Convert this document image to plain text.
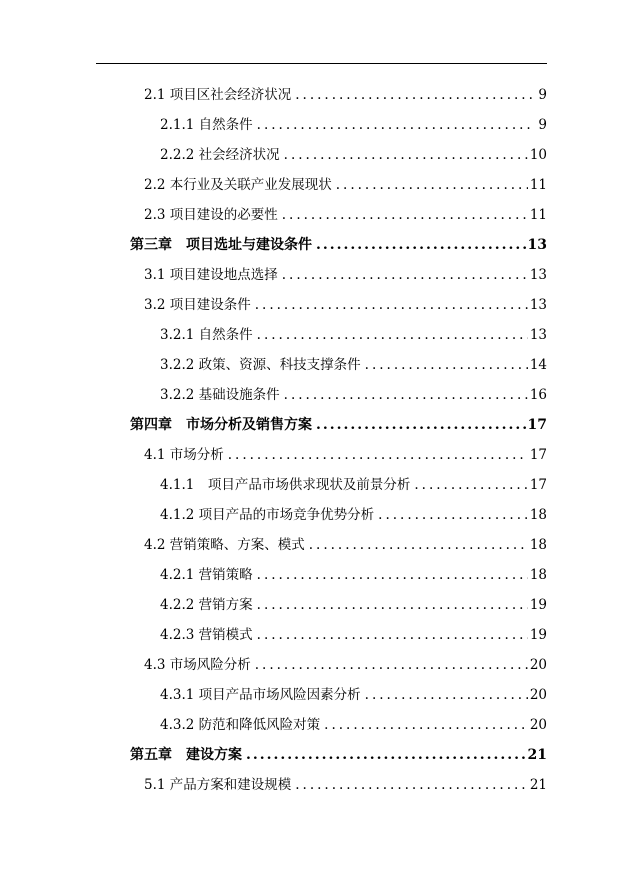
2.1 项目区社会经济状况 .....	9
2.1.1 自然条件 .....	9
2.2.2 社会经济状况 .....	10
2.2 本行业及关联产业发展现状 .....	11
2.3 项目建设的必要性 .....	11
第三章　项目选址与建设条件 .....	13
3.1 项目建设地点选择 .....	13
3.2 项目建设条件 .....	13
3.2.1 自然条件 .....	13
3.2.2 政策、资源、科技支撑条件 .....	14
3.2.2 基础设施条件 .....	16
第四章　市场分析及销售方案 .....	17
4.1 市场分析 .....	17
4.1.1　项目产品市场供求现状及前景分析 .....	17
4.1.2 项目产品的市场竞争优势分析 .....	18
4.2 营销策略、方案、模式 .....	18
4.2.1 营销策略 .....	18
4.2.2 营销方案 .....	19
4.2.3 营销模式 .....	19
4.3 市场风险分析 .....	20
4.3.1 项目产品市场风险因素分析 .....	20
4.3.2 防范和降低风险对策 .....	20
第五章　建设方案 .....	21
5.1 产品方案和建设规模 .....	21
